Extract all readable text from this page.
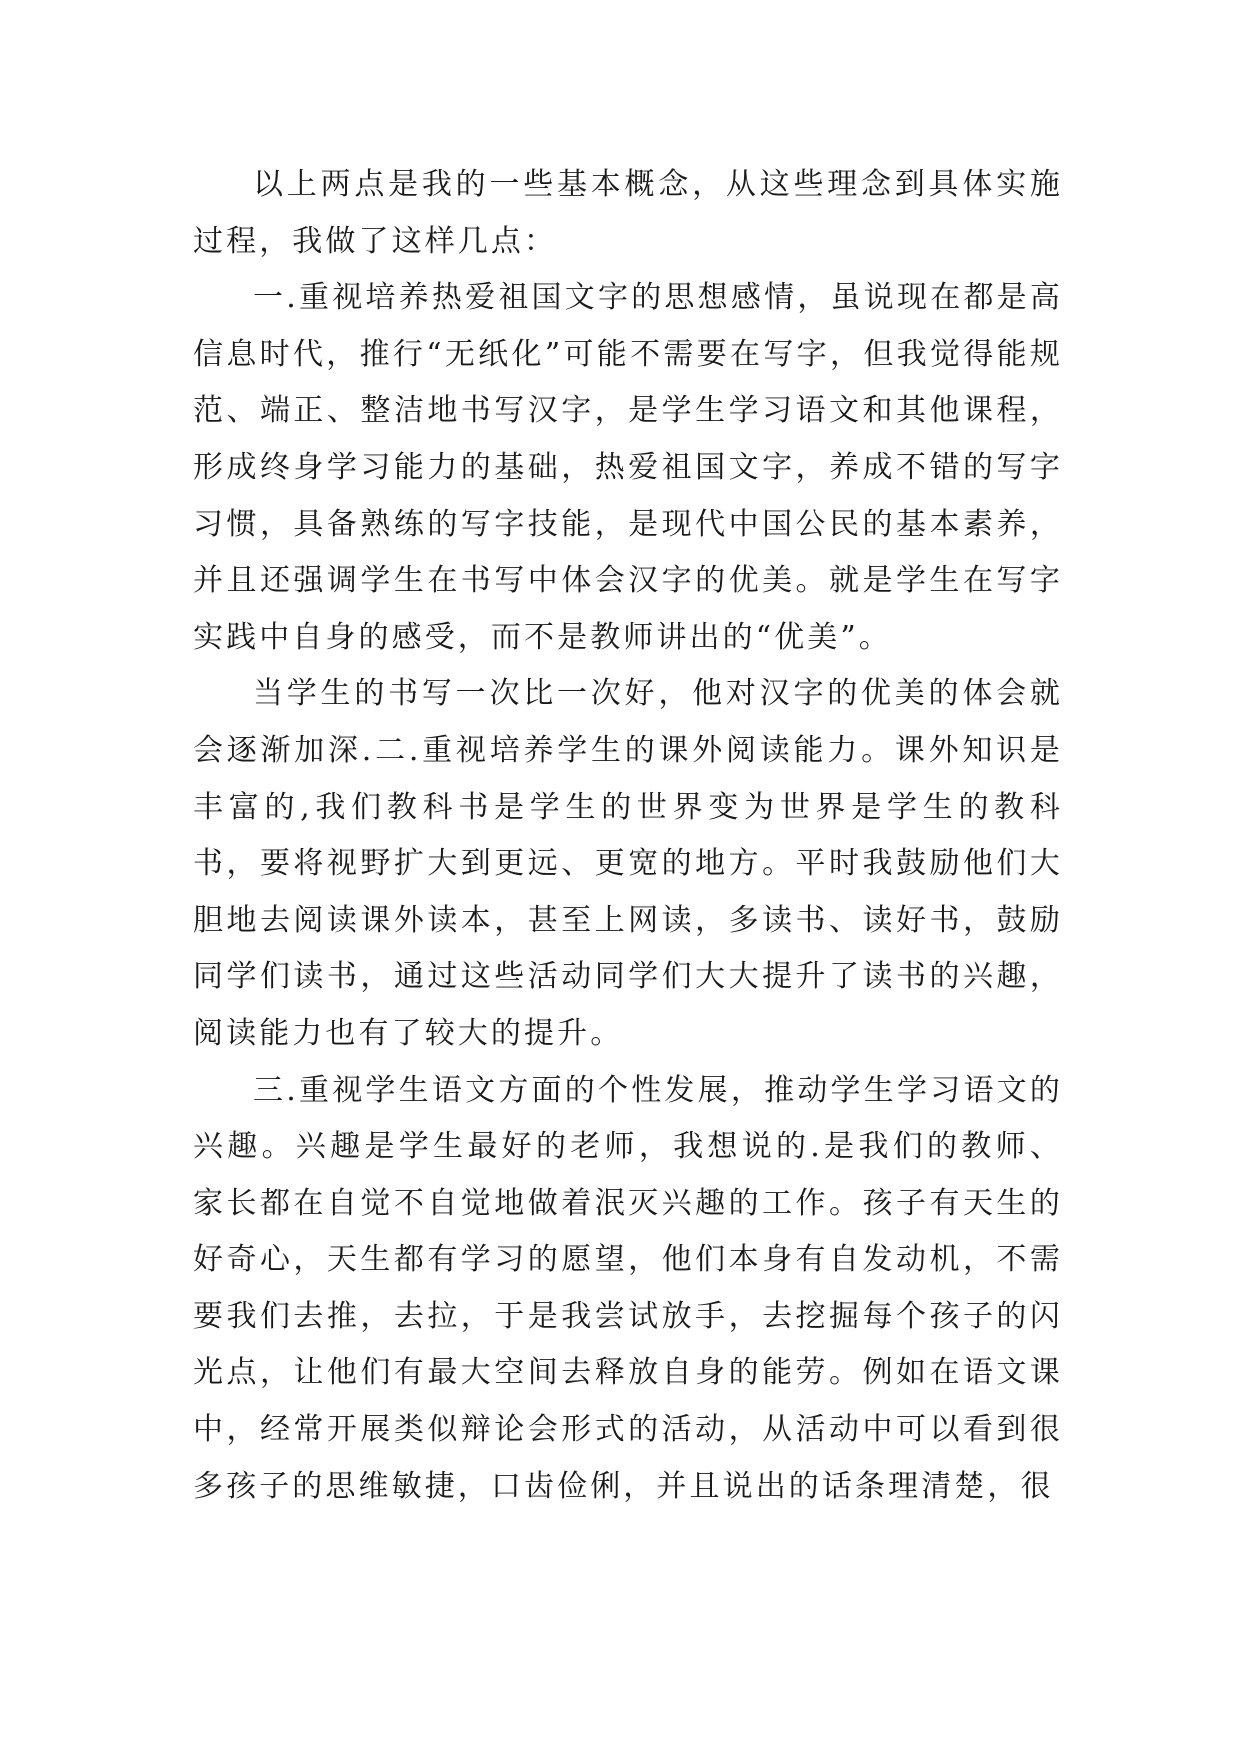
以上两点是我的一些基本概念，从这些理念到具体实施过程，我做了这样几点：

一.重视培养热爱祖国文字的思想感情，虽说现在都是高信息时代，推行“无纸化”可能不需要在写字，但我觉得能规范、端正、整洁地书写汉字，是学生学习语文和其他课程，形成终身学习能力的基础，热爱祖国文字，养成不错的写字习惯，具备熟练的写字技能，是现代中国公民的基本素养，并且还强调学生在书写中体会汉字的优美。就是学生在写字实践中自身的感受，而不是教师讲出的“优美”。

当学生的书写一次比一次好，他对汉字的优美的体会就会逐渐加深.二.重视培养学生的课外阅读能力。课外知识是丰富的,我们教科书是学生的世界变为世界是学生的教科书，要将视野扩大到更远、更宽的地方。平时我鼓励他们大胆地去阅读课外读本，甚至上网读，多读书、读好书，鼓励同学们读书，通过这些活动同学们大大提升了读书的兴趣，阅读能力也有了较大的提升。

三.重视学生语文方面的个性发展，推动学生学习语文的兴趣。兴趣是学生最好的老师，我想说的.是我们的教师、家长都在自觉不自觉地做着泯灭兴趣的工作。孩子有天生的好奇心，天生都有学习的愿望，他们本身有自发动机，不需要我们去推，去拉，于是我尝试放手，去挖掘每个孩子的闪光点，让他们有最大空间去释放自身的能劳。例如在语文课中，经常开展类似辩论会形式的活动，从活动中可以看到很多孩子的思维敏捷，口齿俭俐，并且说出的话条理清楚，很
